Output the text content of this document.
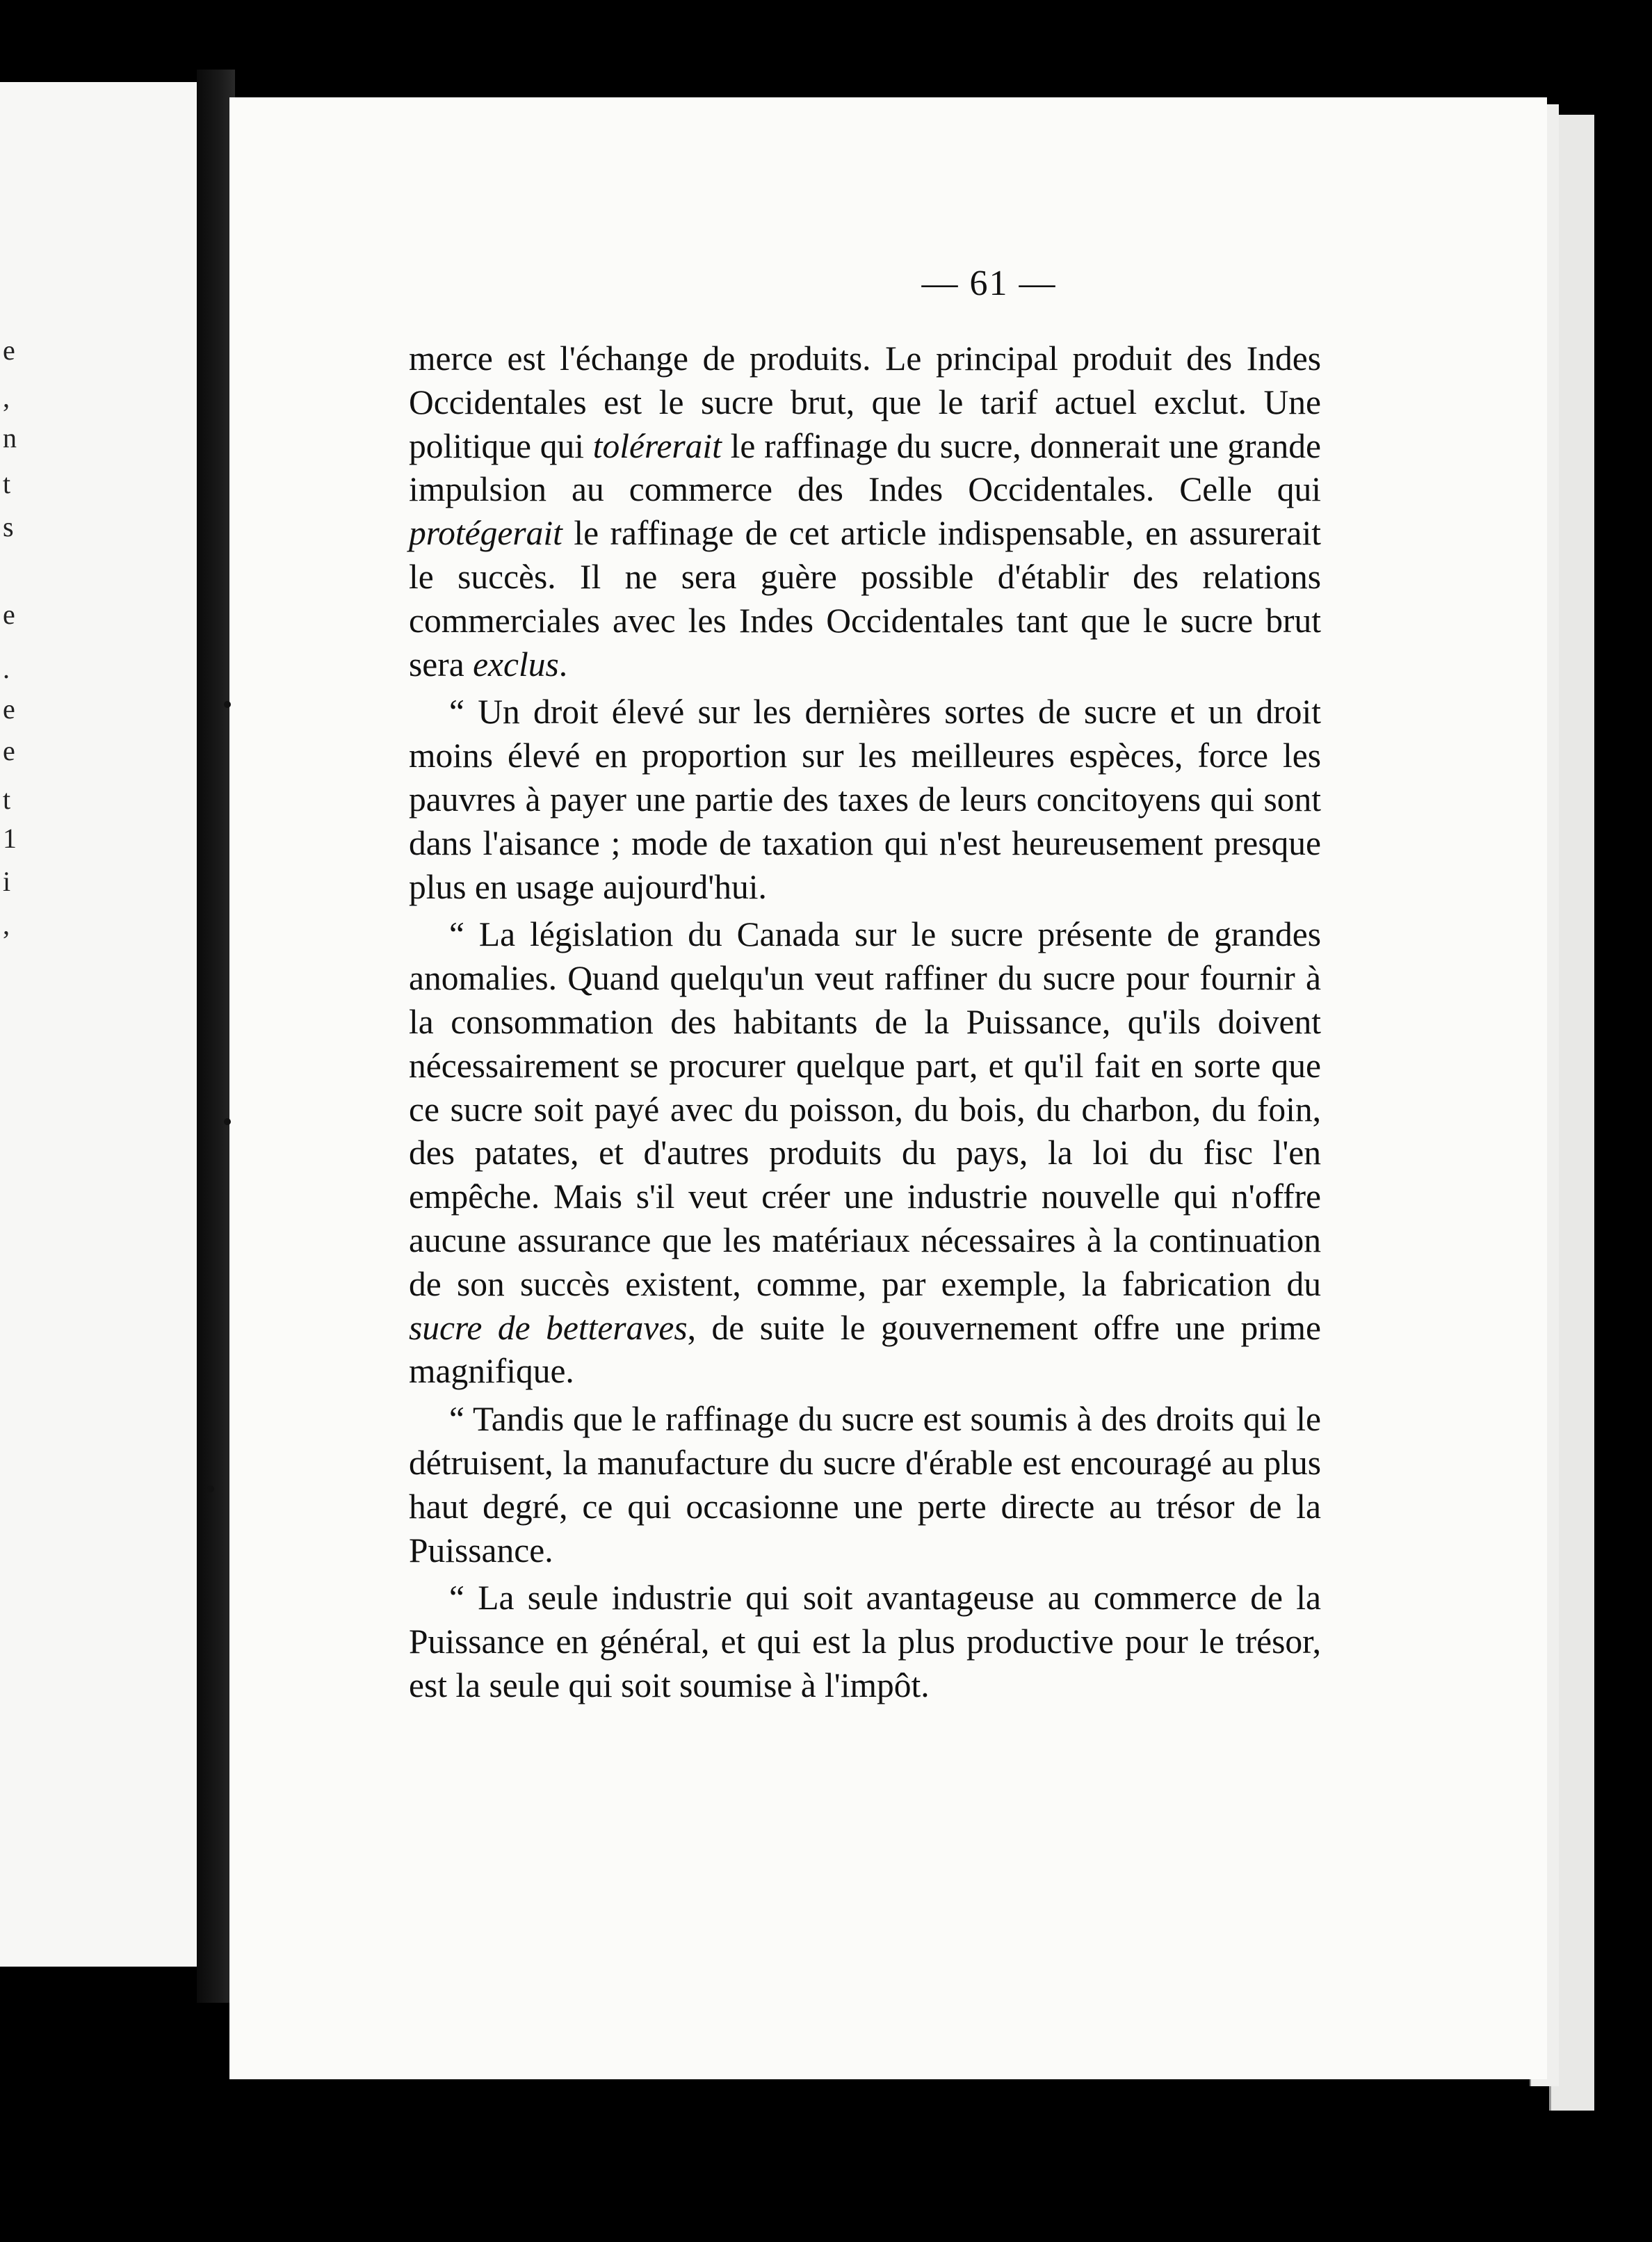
e
,
n
t
s
e
.
e
e
t
1
i
,
— 61 —

merce est l'échange de produits. Le principal produit des Indes Occidentales est le sucre brut, que le tarif actuel exclut. Une politique qui tolérerait le raffinage du sucre, donnerait une grande impulsion au commerce des Indes Occidentales. Celle qui protégerait le raffinage de cet article indispensable, en assurerait le succès. Il ne sera guère possible d'établir des relations commerciales avec les Indes Occidentales tant que le sucre brut sera exclus.

“ Un droit élevé sur les dernières sortes de sucre et un droit moins élevé en proportion sur les meilleures espèces, force les pauvres à payer une partie des taxes de leurs concitoyens qui sont dans l'aisance ; mode de taxation qui n'est heureusement presque plus en usage aujourd'hui.

“ La législation du Canada sur le sucre présente de grandes anomalies. Quand quelqu'un veut raffiner du sucre pour fournir à la consommation des habitants de la Puissance, qu'ils doivent nécessairement se procurer quelque part, et qu'il fait en sorte que ce sucre soit payé avec du poisson, du bois, du charbon, du foin, des patates, et d'autres produits du pays, la loi du fisc l'en empêche. Mais s'il veut créer une industrie nouvelle qui n'offre aucune assurance que les matériaux nécessaires à la continuation de son succès existent, comme, par exemple, la fabrication du sucre de betteraves, de suite le gouvernement offre une prime magnifique.

“ Tandis que le raffinage du sucre est soumis à des droits qui le détruisent, la manufacture du sucre d'érable est encouragé au plus haut degré, ce qui occasionne une perte directe au trésor de la Puissance.

“ La seule industrie qui soit avantageuse au commerce de la Puissance en général, et qui est la plus productive pour le trésor, est la seule qui soit soumise à l'impôt.
